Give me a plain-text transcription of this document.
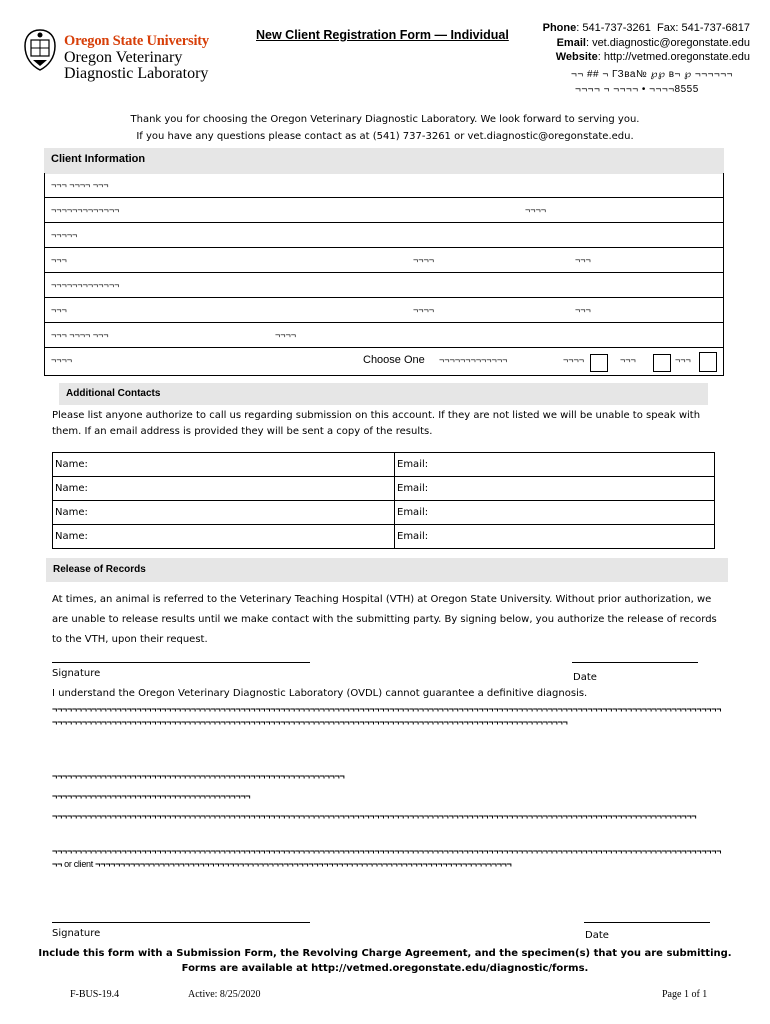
Oregon State University
Oregon Veterinary
Diagnostic Laboratory
New Client Registration Form — Individual	Phone: 541-737-3261 Fax: 541-737-6817
Email: vet.diagnostic@oregonstate.edu
Website: http://vetmed.oregonstate.edu
¬¬ ## ¬ ГЗва№ ℘℘ в¬ ℘ ¬¬¬¬¬¬
¬¬¬¬ ¬ ¬¬¬¬ • ¬¬¬¬8555
Thank you for choosing the Oregon Veterinary Diagnostic Laboratory. We look forward to serving you.
If you have any questions please contact as at (541) 737-3261 or vet.diagnostic@oregonstate.edu.
Client Information
¬¬¬ ¬¬¬¬ ¬¬¬
¬¬¬¬¬¬¬¬¬¬¬¬¬	¬¬¬¬
¬¬¬¬¬
¬¬¬	¬¬¬¬	¬¬¬
¬¬¬¬¬¬¬¬¬¬¬¬¬
¬¬¬	¬¬¬¬	¬¬¬
¬¬¬ ¬¬¬¬ ¬¬¬	¬¬¬¬
¬¬¬¬	Choose One ¬¬¬¬¬¬¬¬¬¬¬¬¬	¬¬¬¬	¬¬¬	¬¬¬
Additional Contacts
Please list anyone authorize to call us regarding submission on this account. If they are not listed we will be unable to speak with them. If an email address is provided they will be sent a copy of the results.
Name:	Email:
Name:	Email:
Name:	Email:
Name:	Email:
Release of Records
At times, an animal is referred to the Veterinary Teaching Hospital (VTH) at Oregon State University. Without prior authorization, we are unable to release results until we make contact with the submitting party. By signing below, you authorize the release of records to the VTH, upon their request.
Signature	Date
I understand the Oregon Veterinary Diagnostic Laboratory (OVDL) cannot guarantee a definitive diagnosis.
¬¬¬¬¬¬¬¬¬¬¬¬¬¬¬¬¬¬¬¬¬¬¬¬¬¬¬¬¬¬¬¬¬¬¬¬¬¬¬¬¬¬¬¬¬¬¬¬¬¬¬¬¬¬¬¬¬¬¬¬¬¬¬¬¬¬¬¬¬¬¬¬¬¬¬¬¬¬¬¬¬¬¬¬¬¬¬¬¬¬¬¬¬¬¬¬¬¬¬¬¬¬¬¬¬¬¬¬¬¬¬¬¬¬¬¬¬¬¬¬¬¬¬¬¬¬¬¬¬¬¬¬¬¬¬¬¬¬¬¬¬¬¬¬¬¬¬¬¬¬¬¬¬¬¬¬¬¬¬¬¬¬¬¬¬¬¬¬¬¬¬¬¬¬¬¬¬¬¬¬¬¬¬¬¬¬¬¬¬¬¬¬¬¬¬¬¬¬¬¬¬¬¬¬¬¬¬¬¬¬¬¬¬¬¬¬¬¬¬¬¬¬¬¬¬¬¬¬¬¬¬¬¬¬¬¬¬¬¬
¬¬¬¬¬¬¬¬¬¬¬¬¬¬¬¬¬¬¬¬¬¬¬¬¬¬¬¬¬¬¬¬¬¬¬¬¬¬¬¬¬¬¬¬¬¬¬¬¬¬¬¬¬¬¬¬¬¬¬
¬¬¬¬¬¬¬¬¬¬¬¬¬¬¬¬¬¬¬¬¬¬¬¬¬¬¬¬¬¬¬¬¬¬¬¬¬¬¬¬
¬¬¬¬¬¬¬¬¬¬¬¬¬¬¬¬¬¬¬¬¬¬¬¬¬¬¬¬¬¬¬¬¬¬¬¬¬¬¬¬¬¬¬¬¬¬¬¬¬¬¬¬¬¬¬¬¬¬¬¬¬¬¬¬¬¬¬¬¬¬¬¬¬¬¬¬¬¬¬¬¬¬¬¬¬¬¬¬¬¬¬¬¬¬¬¬¬¬¬¬¬¬¬¬¬¬¬¬¬¬¬¬¬¬¬¬¬¬¬¬¬¬¬¬¬¬¬¬¬¬
¬¬¬¬¬¬¬¬¬¬¬¬¬¬¬¬¬¬¬¬¬¬¬¬¬¬¬¬¬¬¬¬¬¬¬¬¬¬¬¬¬¬¬¬¬¬¬¬¬¬¬¬¬¬¬¬¬¬¬¬¬¬¬¬¬¬¬¬¬¬¬¬¬¬¬¬¬¬¬¬¬¬¬¬¬¬¬¬¬¬¬¬¬¬¬¬¬¬¬¬¬¬¬¬¬¬¬¬¬¬¬¬¬¬¬¬¬¬¬¬¬¬¬¬¬¬¬¬¬¬¬¬¬¬¬¬¬ or client ¬¬¬¬¬¬¬¬¬¬¬¬¬¬¬¬¬¬¬¬¬¬¬¬¬¬¬¬¬¬¬¬¬¬¬¬¬¬¬¬¬¬¬¬¬¬¬¬¬¬¬¬¬¬¬¬¬¬¬¬¬¬¬¬¬¬¬¬¬¬¬¬¬¬¬¬¬¬¬¬¬¬¬¬
Signature	Date
Include this form with a Submission Form, the Revolving Charge Agreement, and the specimen(s) that you are submitting.
Forms are available at http://vetmed.oregonstate.edu/diagnostic/forms.
F-BUS-19.4	Active: 8/25/2020	Page 1 of 1
